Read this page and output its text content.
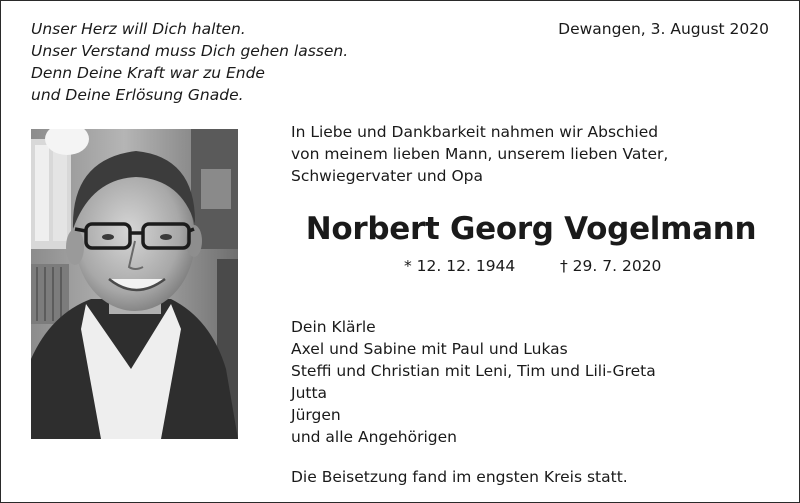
Unser Herz will Dich halten.
Unser Verstand muss Dich gehen lassen.
Denn Deine Kraft war zu Ende
und Deine Erlösung Gnade.
Dewangen, 3. August 2020
In Liebe und Dankbarkeit nahmen wir Abschied
von meinem lieben Mann, unserem lieben Vater,
Schwiegervater und Opa
Norbert Georg Vogelmann
* 12. 12. 1944	† 29. 7. 2020
Dein Klärle
Axel und Sabine mit Paul und Lukas
Steffi und Christian mit Leni, Tim und Lili-Greta
Jutta
Jürgen
und alle Angehörigen
Die Beisetzung fand im engsten Kreis statt.
